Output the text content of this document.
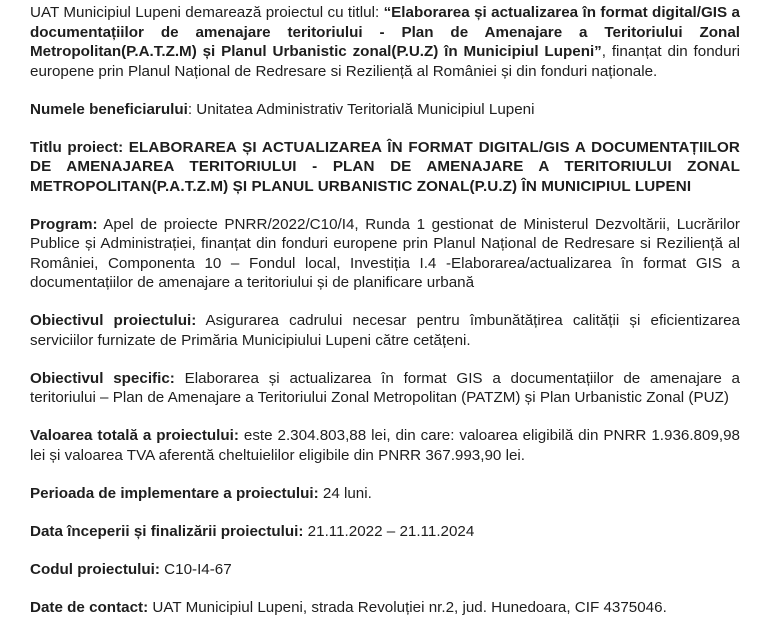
UAT Municipiul Lupeni demarează proiectul cu titlul: “Elaborarea și actualizarea în format digital/GIS a documentațiilor de amenajare teritoriului - Plan de Amenajare a Teritoriului Zonal Metropolitan(P.A.T.Z.M) și Planul Urbanistic zonal(P.U.Z) în Municipiul Lupeni”, finanțat din fonduri europene prin Planul Național de Redresare si Reziliență al României și din fonduri naționale.

Numele beneficiarului: Unitatea Administrativ Teritorială Municipiul Lupeni

Titlu proiect: ELABORAREA ȘI ACTUALIZAREA ÎN FORMAT DIGITAL/GIS A DOCUMENTAȚIILOR DE AMENAJAREA TERITORIULUI - PLAN DE AMENAJARE A TERITORIULUI ZONAL METROPOLITAN(P.A.T.Z.M) ȘI PLANUL URBANISTIC ZONAL(P.U.Z) ÎN MUNICIPIUL LUPENI

Program: Apel de proiecte PNRR/2022/C10/I4, Runda 1 gestionat de Ministerul Dezvoltării, Lucrărilor Publice și Administrației, finanțat din fonduri europene prin Planul Național de Redresare si Reziliență al României, Componenta 10 – Fondul local, Investiția I.4 -Elaborarea/actualizarea în format GIS a documentațiilor de amenajare a teritoriului și de planificare urbană

Obiectivul proiectului: Asigurarea cadrului necesar pentru îmbunătățirea calității și eficientizarea serviciilor furnizate de Primăria Municipiului Lupeni către cetățeni.

Obiectivul specific: Elaborarea și actualizarea în format GIS a documentațiilor de amenajare a teritoriului – Plan de Amenajare a Teritoriului Zonal Metropolitan (PATZM) și Plan Urbanistic Zonal (PUZ)

Valoarea totală a proiectului: este 2.304.803,88 lei, din care: valoarea eligibilă din PNRR 1.936.809,98 lei și valoarea TVA aferentă cheltuielilor eligibile din PNRR 367.993,90 lei.

Perioada de implementare a proiectului: 24 luni.

Data începerii și finalizării proiectului: 21.11.2022 – 21.11.2024

Codul proiectului: C10-I4-67

Date de contact: UAT Municipiul Lupeni, strada Revoluției nr.2, jud. Hunedoara, CIF 4375046.
